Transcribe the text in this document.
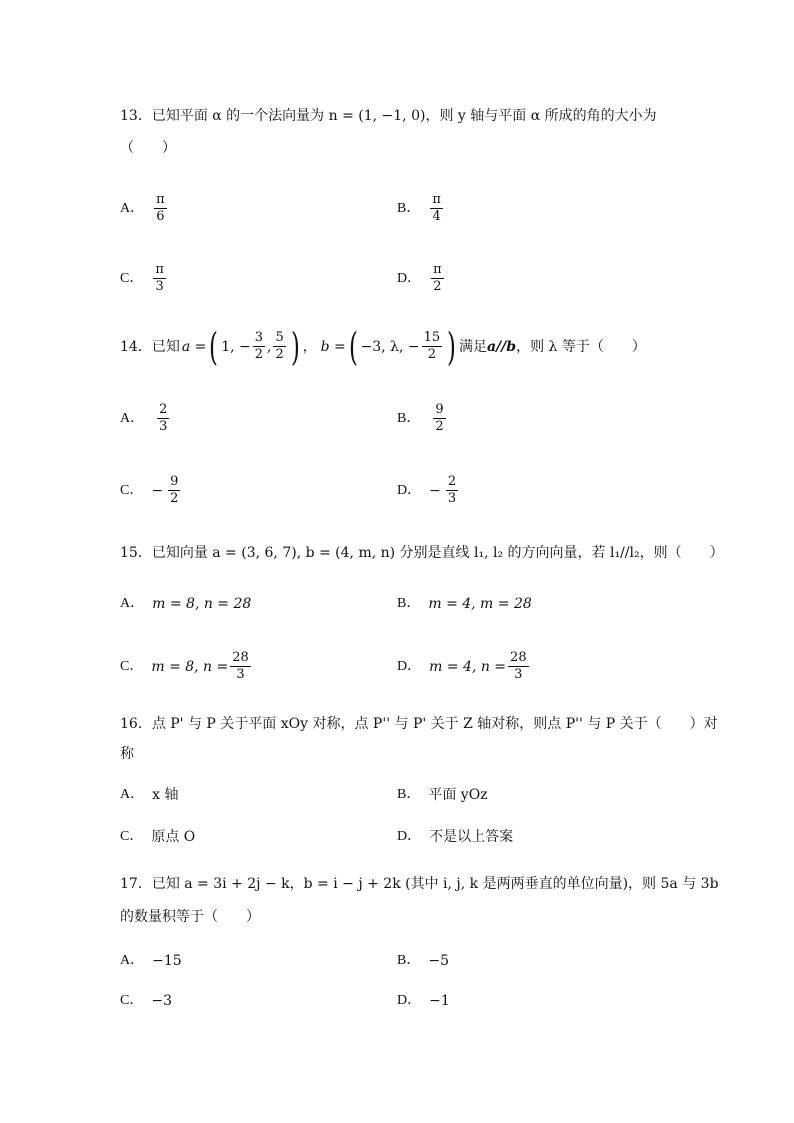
13．已知平面 α 的一个法向量为 n = (1, −1, 0)，则 y 轴与平面 α 所成的角的大小为
（　　）
A． $\frac{\pi}{6}$	B． $\frac{\pi}{4}$
C． $\frac{\pi}{3}$	D． $\frac{\pi}{2}$
14．已知 a = ( 1, − $\frac{3}{2}$ , $\frac{5}{2}$ ) ， b = ( −3, λ, − $\frac{15}{2}$ ) 满足 a//b ，则 λ 等于（　　）
A． $\frac{2}{3}$	B． $\frac{9}{2}$
C． − $\frac{9}{2}$	D． − $\frac{2}{3}$
15．已知向量 a = (3, 6, 7), b = (4, m, n) 分别是直线 l₁, l₂ 的方向向量，若 l₁//l₂，则（　　）
A． m = 8, n = 28	B． m = 4, m = 28
C． m = 8, $n = \frac{28}{3}$	D． m = 4, $n = \frac{28}{3}$
16．点 P' 与 P 关于平面 xOy 对称，点 P'' 与 P' 关于 Z 轴对称，则点 P'' 与 P 关于（　　）对
称
A． x 轴	B． 平面 yOz
C． 原点 O	D． 不是以上答案
17．已知 a = 3i + 2j − k，b = i − j + 2k (其中 i, j, k 是两两垂直的单位向量)，则 5a 与 3b
的数量积等于（　　）
A． −15	B． −5
C． −3	D． −1
